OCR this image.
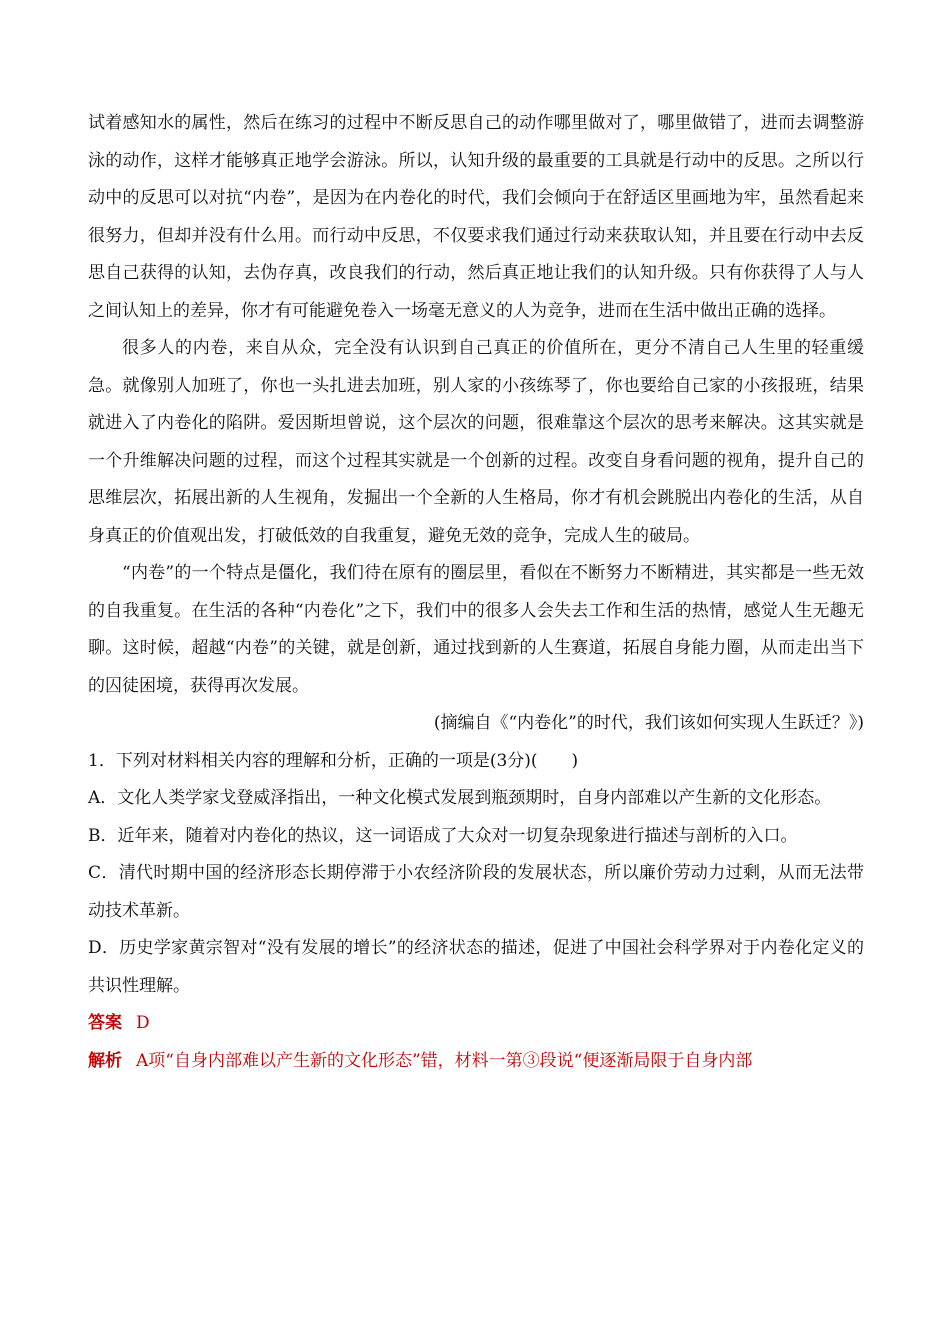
试着感知水的属性，然后在练习的过程中不断反思自己的动作哪里做对了，哪里做错了，进而去调整游泳的动作，这样才能够真正地学会游泳。所以，认知升级的最重要的工具就是行动中的反思。之所以行动中的反思可以对抗“内卷”，是因为在内卷化的时代，我们会倾向于在舒适区里画地为牢，虽然看起来很努力，但却并没有什么用。而行动中反思，不仅要求我们通过行动来获取认知，并且要在行动中去反思自己获得的认知，去伪存真，改良我们的行动，然后真正地让我们的认知升级。只有你获得了人与人之间认知上的差异，你才有可能避免卷入一场毫无意义的人为竞争，进而在生活中做出正确的选择。

很多人的内卷，来自从众，完全没有认识到自己真正的价值所在，更分不清自己人生里的轻重缓急。就像别人加班了，你也一头扎进去加班，别人家的小孩练琴了，你也要给自己家的小孩报班，结果就进入了内卷化的陷阱。爱因斯坦曾说，这个层次的问题，很难靠这个层次的思考来解决。这其实就是一个升维解决问题的过程，而这个过程其实就是一个创新的过程。改变自身看问题的视角，提升自己的思维层次，拓展出新的人生视角，发掘出一个全新的人生格局，你才有机会跳脱出内卷化的生活，从自身真正的价值观出发，打破低效的自我重复，避免无效的竞争，完成人生的破局。

“内卷”的一个特点是僵化，我们待在原有的圈层里，看似在不断努力不断精进，其实都是一些无效的自我重复。在生活的各种“内卷化”之下，我们中的很多人会失去工作和生活的热情，感觉人生无趣无聊。这时候，超越“内卷”的关键，就是创新，通过找到新的人生赛道，拓展自身能力圈，从而走出当下的囚徒困境，获得再次发展。

(摘编自《“内卷化”的时代，我们该如何实现人生跃迁？》)

1．下列对材料相关内容的理解和分析，正确的一项是(3分)(　　)

A．文化人类学家戈登威泽指出，一种文化模式发展到瓶颈期时，自身内部难以产生新的文化形态。

B．近年来，随着对内卷化的热议，这一词语成了大众对一切复杂现象进行描述与剖析的入口。

C．清代时期中国的经济形态长期停滞于小农经济阶段的发展状态，所以廉价劳动力过剩，从而无法带动技术革新。

D．历史学家黄宗智对“没有发展的增长”的经济状态的描述，促进了中国社会科学界对于内卷化定义的共识性理解。

答案 D

解析 A项“自身内部难以产生新的文化形态”错，材料一第③段说“便逐渐局限于自身内部
